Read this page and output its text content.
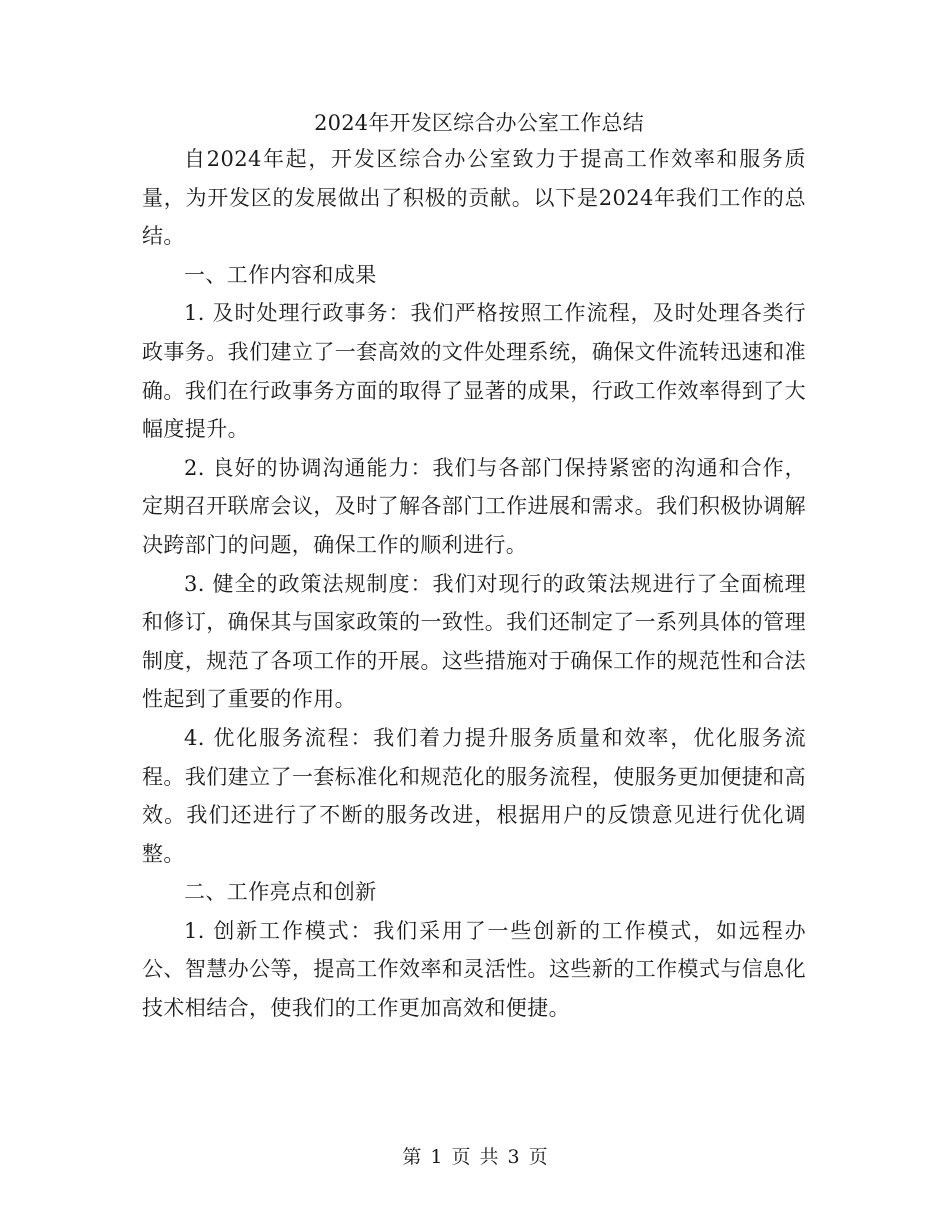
2024年开发区综合办公室工作总结

自2024年起，开发区综合办公室致力于提高工作效率和服务质量，为开发区的发展做出了积极的贡献。以下是2024年我们工作的总结。

一、工作内容和成果

1. 及时处理行政事务：我们严格按照工作流程，及时处理各类行政事务。我们建立了一套高效的文件处理系统，确保文件流转迅速和准确。我们在行政事务方面的取得了显著的成果，行政工作效率得到了大幅度提升。

2. 良好的协调沟通能力：我们与各部门保持紧密的沟通和合作，定期召开联席会议，及时了解各部门工作进展和需求。我们积极协调解决跨部门的问题，确保工作的顺利进行。

3. 健全的政策法规制度：我们对现行的政策法规进行了全面梳理和修订，确保其与国家政策的一致性。我们还制定了一系列具体的管理制度，规范了各项工作的开展。这些措施对于确保工作的规范性和合法性起到了重要的作用。

4. 优化服务流程：我们着力提升服务质量和效率，优化服务流程。我们建立了一套标准化和规范化的服务流程，使服务更加便捷和高效。我们还进行了不断的服务改进，根据用户的反馈意见进行优化调整。

二、工作亮点和创新

1. 创新工作模式：我们采用了一些创新的工作模式，如远程办公、智慧办公等，提高工作效率和灵活性。这些新的工作模式与信息化技术相结合，使我们的工作更加高效和便捷。

第 1 页 共 3 页
